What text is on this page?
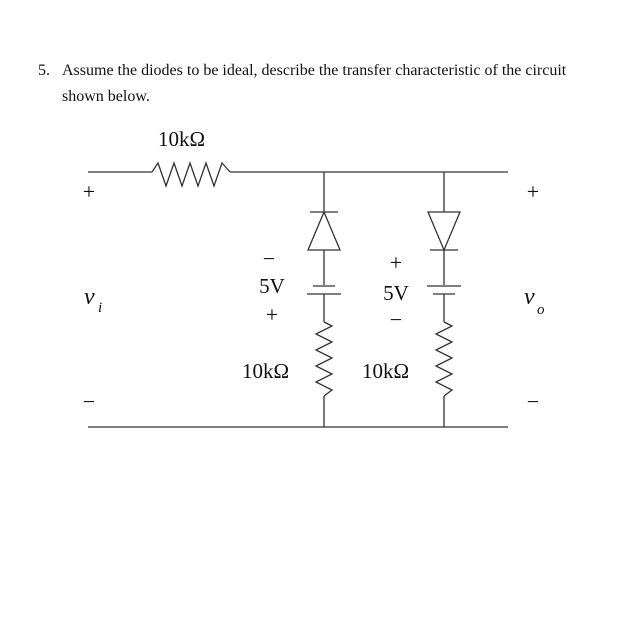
5. Assume the diodes to be ideal, describe the transfer characteristic of the circuit
shown below.
10kΩ
−
5V
+
10kΩ
+
5V
−
10kΩ
+
v i
−
+
v o
−
